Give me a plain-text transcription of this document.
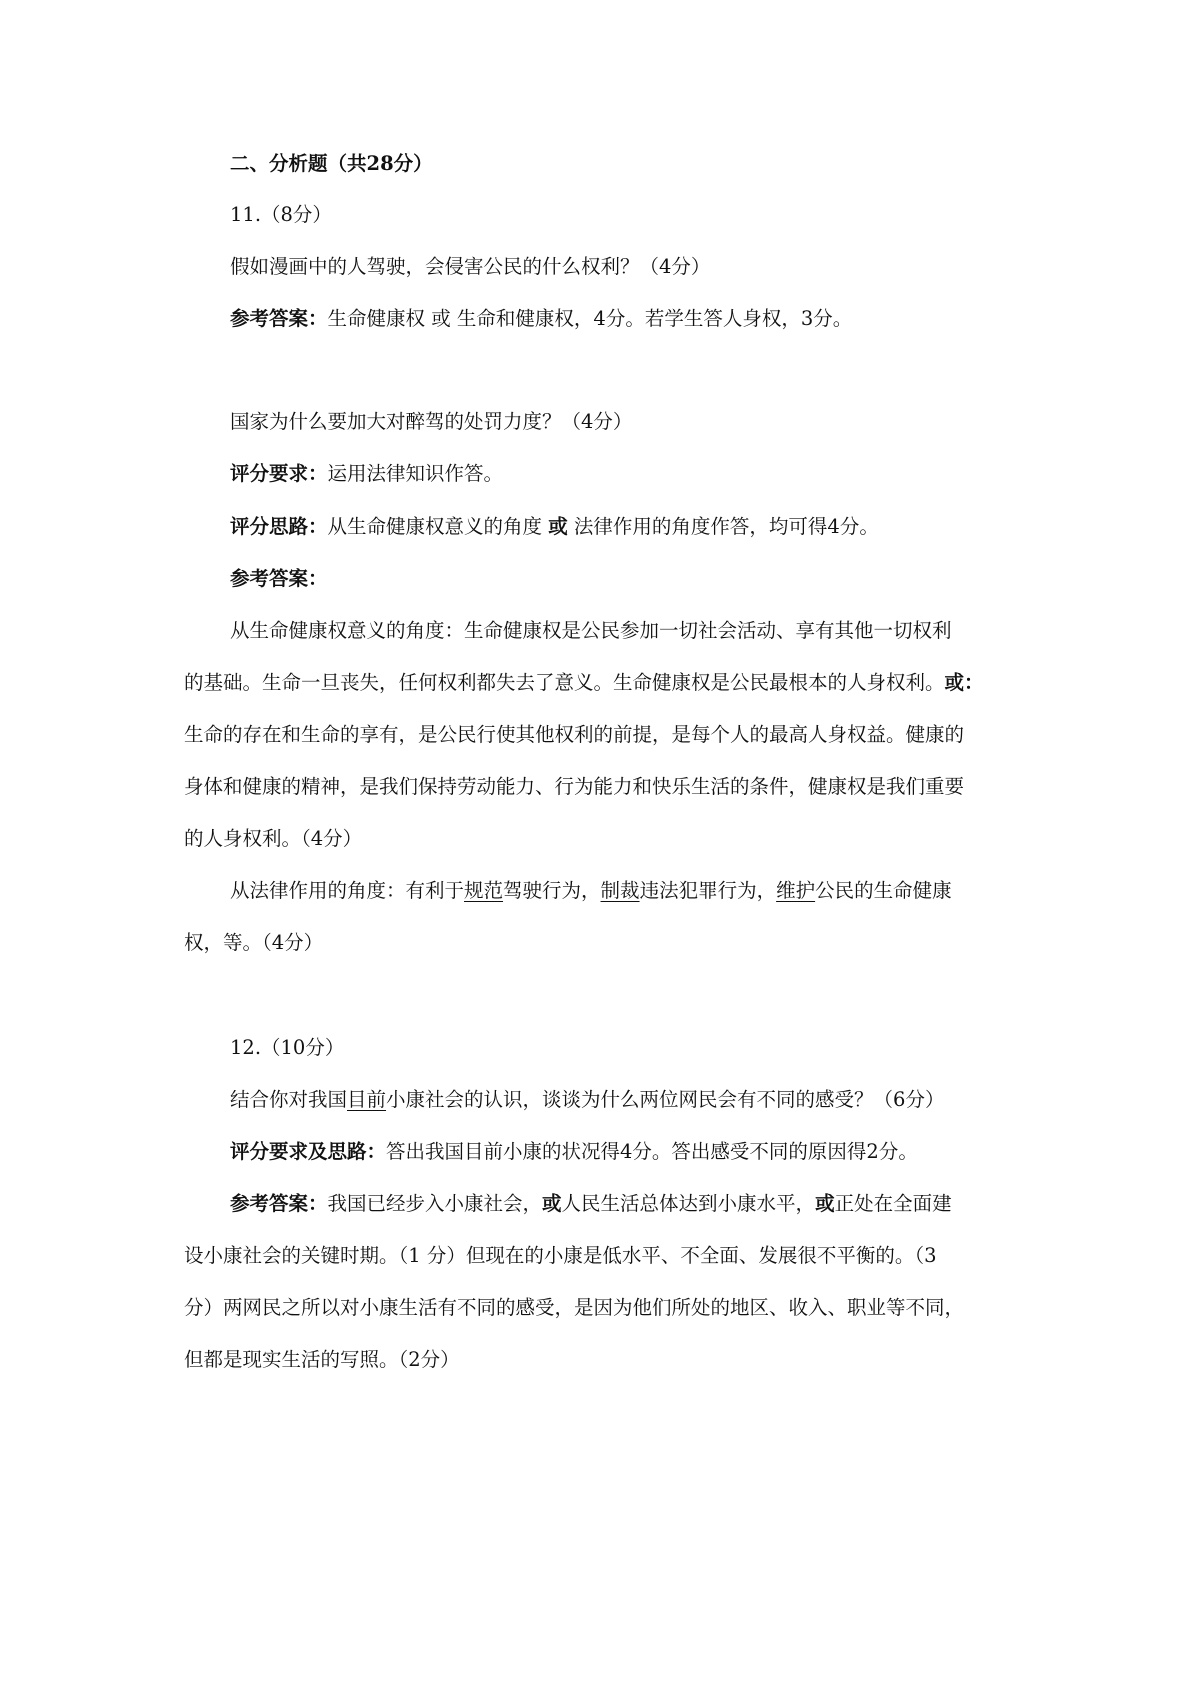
二、分析题（共28分）
11.（8分）
假如漫画中的人驾驶，会侵害公民的什么权利？（4分）
参考答案：生命健康权 或 生命和健康权，4分。若学生答人身权，3分。
国家为什么要加大对醉驾的处罚力度？（4分）
评分要求：运用法律知识作答。
评分思路：从生命健康权意义的角度 或 法律作用的角度作答，均可得4分。
参考答案：
从生命健康权意义的角度：生命健康权是公民参加一切社会活动、享有其他一切权利
的基础。生命一旦丧失，任何权利都失去了意义。生命健康权是公民最根本的人身权利。或：
生命的存在和生命的享有，是公民行使其他权利的前提，是每个人的最高人身权益。健康的
身体和健康的精神，是我们保持劳动能力、行为能力和快乐生活的条件，健康权是我们重要
的人身权利。（4分）
从法律作用的角度：有利于规范驾驶行为，制裁违法犯罪行为，维护公民的生命健康
权，等。（4分）
12.（10分）
结合你对我国目前小康社会的认识，谈谈为什么两位网民会有不同的感受？（6分）
评分要求及思路：答出我国目前小康的状况得4分。答出感受不同的原因得2分。
参考答案：我国已经步入小康社会，或人民生活总体达到小康水平，或正处在全面建
设小康社会的关键时期。（1 分）但现在的小康是低水平、不全面、发展很不平衡的。（3
分）两网民之所以对小康生活有不同的感受，是因为他们所处的地区、收入、职业等不同，
但都是现实生活的写照。（2分）
